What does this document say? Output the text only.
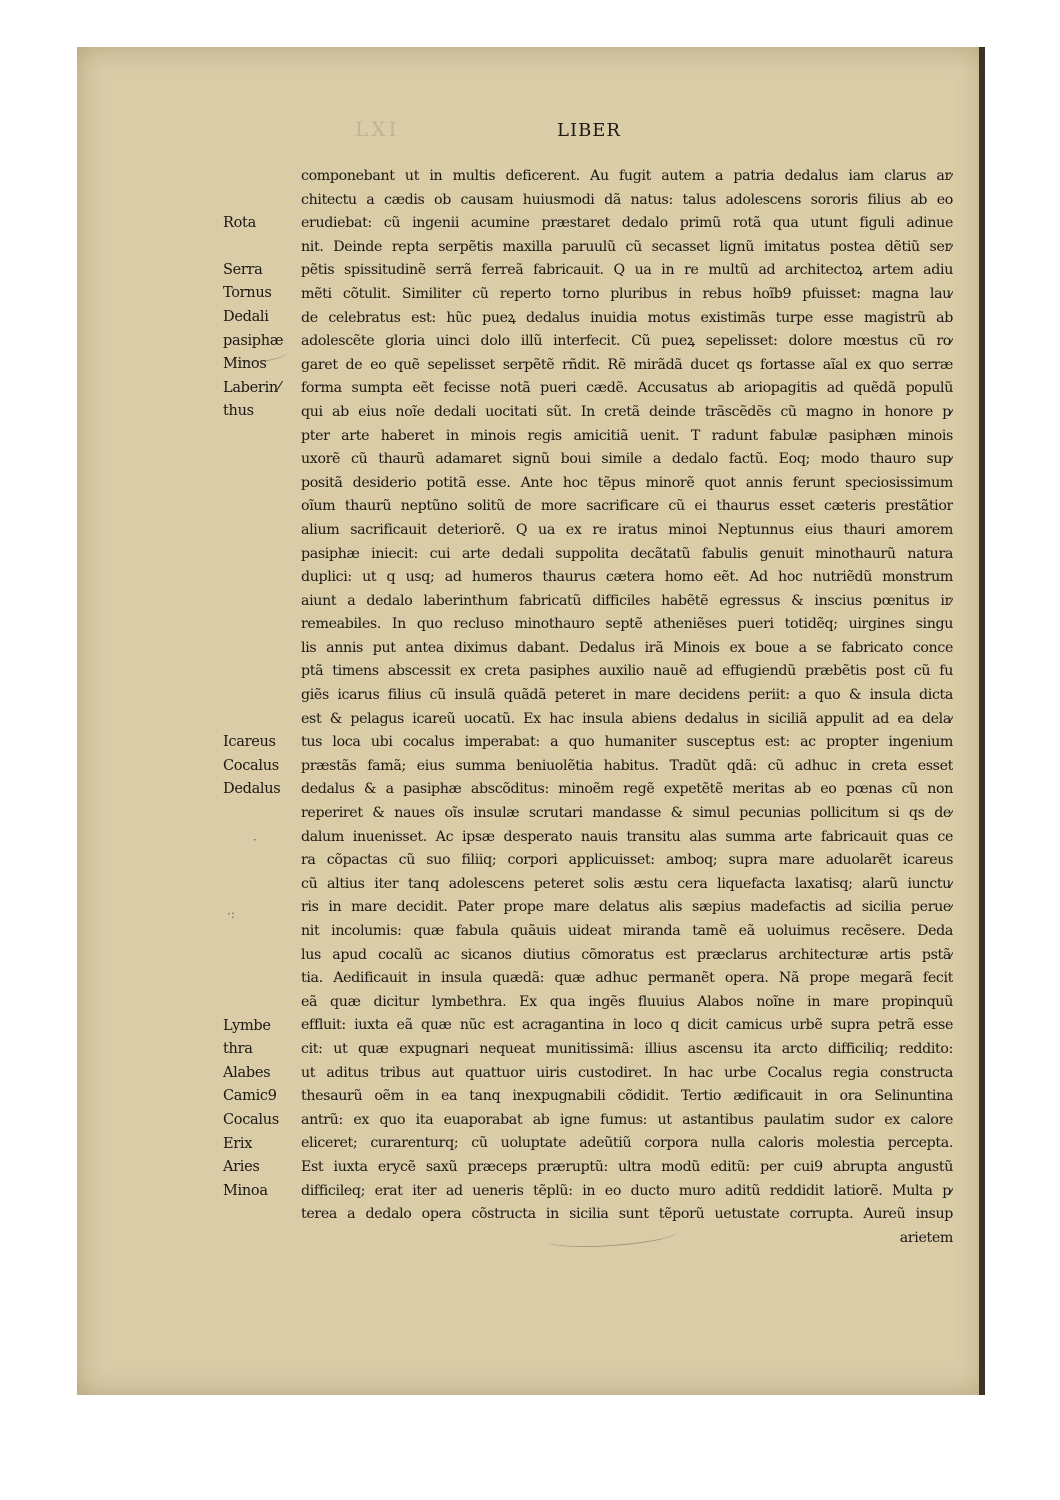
LXI	LIBER
Rota
Serra
Tornus
Dedali
pasiphæ
Minos
Laberin⁄
thus
Icareus
Cocalus
Dedalus
Lymbe
thra
Alabes
Camic9
Cocalus
Erix
Aries
Minoa
componebant ut in multis deficerent. Au fugit autem a patria dedalus iam clarus ar⁄
chitectu a cædis ob causam huiusmodi dã natus: talus adolescens sororis filius ab eo
erudiebat: cũ ingenii acumine præstaret dedalo primũ rotã qua utunt figuli adinue
nit. Deinde repta serpẽtis maxilla paruulũ cũ secasset lignũ imitatus postea dẽtiũ ser⁄
pẽtis spissitudinẽ serrã ferreã fabricauit. Q ua in re multũ ad architectoꝝ artem adiu
mẽti cõtulit. Similiter cũ reperto torno pluribus in rebus hoĩb9 pfuisset: magna lau⁄
de celebratus est: hũc pueꝝ dedalus inuidia motus existimãs turpe esse magistrũ ab
adolescẽte gloria uinci dolo illũ interfecit. Cũ pueꝝ sepelisset: dolore mœstus cũ ro⁄
garet de eo quẽ sepelisset serpẽtẽ rñdit. Rẽ mirãdã ducet qs fortasse aĩal ex quo serræ
forma sumpta eẽt fecisse notã pueri cædẽ. Accusatus ab ariopagitis ad quẽdã populũ
qui ab eius noĩe dedali uocitati sũt. In cretã deinde trãscẽdẽs cũ magno in honore p⁄
pter arte haberet in minois regis amicitiã uenit. T radunt fabulæ pasiphæn minois
uxorẽ cũ thaurũ adamaret signũ boui simile a dedalo factũ. Eoq; modo thauro sup⁄
positã desiderio potitã esse. Ante hoc tẽpus minorẽ quot annis ferunt speciosissimum
oĩum thaurũ neptũno solitũ de more sacrificare cũ ei thaurus esset cæteris prestãtior
alium sacrificauit deteriorẽ. Q ua ex re iratus minoi Neptunnus eius thauri amorem
pasiphæ iniecit: cui arte dedali suppolita decãtatũ fabulis genuit minothaurũ natura
duplici: ut q usq; ad humeros thaurus cætera homo eẽt. Ad hoc nutriẽdũ monstrum
aiunt a dedalo laberinthum fabricatũ difficiles habẽtẽ egressus & inscius pœnitus ir⁄
remeabiles. In quo recluso minothauro septẽ atheniẽses pueri totidẽq; uirgines singu
lis annis put antea diximus dabant. Dedalus irã Minois ex boue a se fabricato conce
ptã timens abscessit ex creta pasiphes auxilio nauẽ ad effugiendũ præbẽtis post cũ fu
giẽs icarus filius cũ insulã quãdã peteret in mare decidens periit: a quo & insula dicta
est & pelagus icareũ uocatũ. Ex hac insula abiens dedalus in siciliã appulit ad ea dela⁄
tus loca ubi cocalus imperabat: a quo humaniter susceptus est: ac propter ingenium
præstãs famã; eius summa beniuolẽtia habitus. Tradũt qdã: cũ adhuc in creta esset
dedalus & a pasiphæ abscõditus: minoẽm regẽ expetẽtẽ meritas ab eo pœnas cũ non
reperiret & naues oĩs insulæ scrutari mandasse & simul pecunias pollicitum si qs de⁄
dalum inuenisset. Ac ipsæ desperato nauis transitu alas summa arte fabricauit quas ce
ra cõpactas cũ suo filiiq; corpori applicuisset: amboq; supra mare aduolarẽt icareus
cũ altius iter tanq adolescens peteret solis æstu cera liquefacta laxatisq; alarũ iunctu⁄
ris in mare decidit. Pater prope mare delatus alis sæpius madefactis ad sicilia perue⁄
nit incolumis: quæ fabula quãuis uideat miranda tamẽ eã uoluimus recẽsere. Deda
lus apud cocalũ ac sicanos diutius cõmoratus est præclarus architecturæ artis pstã⁄
tia. Aedificauit in insula quædã: quæ adhuc permanẽt opera. Nã prope megarã fecit
eã quæ dicitur lymbethra. Ex qua ingẽs fluuius Alabos noĩne in mare propinquũ
effluit: iuxta eã quæ nũc est acragantina in loco q dicit camicus urbẽ supra petrã esse
cit: ut quæ expugnari nequeat munitissimã: illius ascensu ita arcto difficiliq; reddito:
ut aditus tribus aut quattuor uiris custodiret. In hac urbe Cocalus regia constructa
thesaurũ oẽm in ea tanq inexpugnabili cõdidit. Tertio ædificauit in ora Selinuntina
antrũ: ex quo ita euaporabat ab igne fumus: ut astantibus paulatim sudor ex calore
eliceret; curarenturq; cũ uoluptate adeũtiũ corpora nulla caloris molestia percepta.
Est iuxta erycẽ saxũ præceps præruptũ: ultra modũ editũ: per cui9 abrupta angustũ
difficileq; erat iter ad ueneris tẽplũ: in eo ducto muro aditũ reddidit latiorẽ. Multa p⁄
terea a dedalo opera cõstructa in sicilia sunt tẽporũ uetustate corrupta. Aureũ insup
arietem
·
·:
